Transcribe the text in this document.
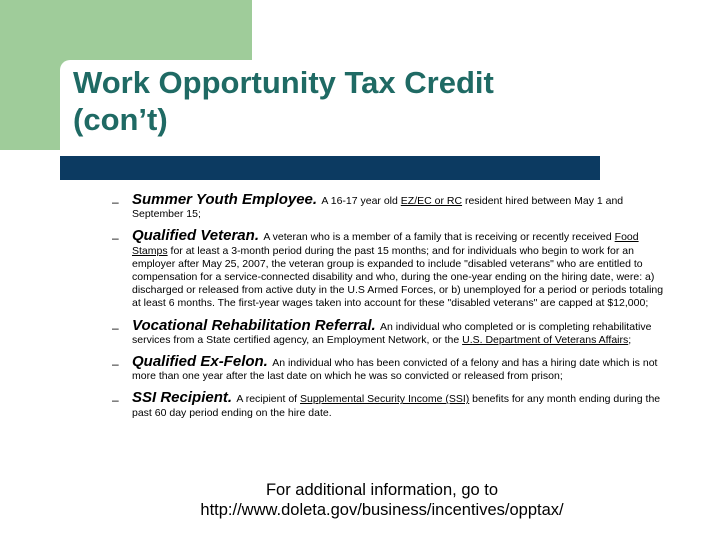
Work Opportunity Tax Credit
(con’t)
– Summer Youth Employee. A 16-17 year old EZ/EC or RC resident hired between May 1 and September 15;
– Qualified Veteran. A veteran who is a member of a family that is receiving or recently received Food Stamps for at least a 3-month period during the past 15 months; and for individuals who begin to work for an employer after May 25, 2007, the veteran group is expanded to include "disabled veterans" who are entitled to compensation for a service-connected disability and who, during the one-year ending on the hiring date, were: a) discharged or released from active duty in the U.S Armed Forces, or b) unemployed for a period or periods totaling at least 6 months. The first-year wages taken into account for these "disabled veterans" are capped at $12,000;
– Vocational Rehabilitation Referral. An individual who completed or is completing rehabilitative services from a State certified agency, an Employment Network, or the U.S. Department of Veterans Affairs;
– Qualified Ex-Felon. An individual who has been convicted of a felony and has a hiring date which is not more than one year after the last date on which he was so convicted or released from prison;
– SSI Recipient. A recipient of Supplemental Security Income (SSI) benefits for any month ending during the past 60 day period ending on the hire date.
For additional information, go to
http://www.doleta.gov/business/incentives/opptax/
